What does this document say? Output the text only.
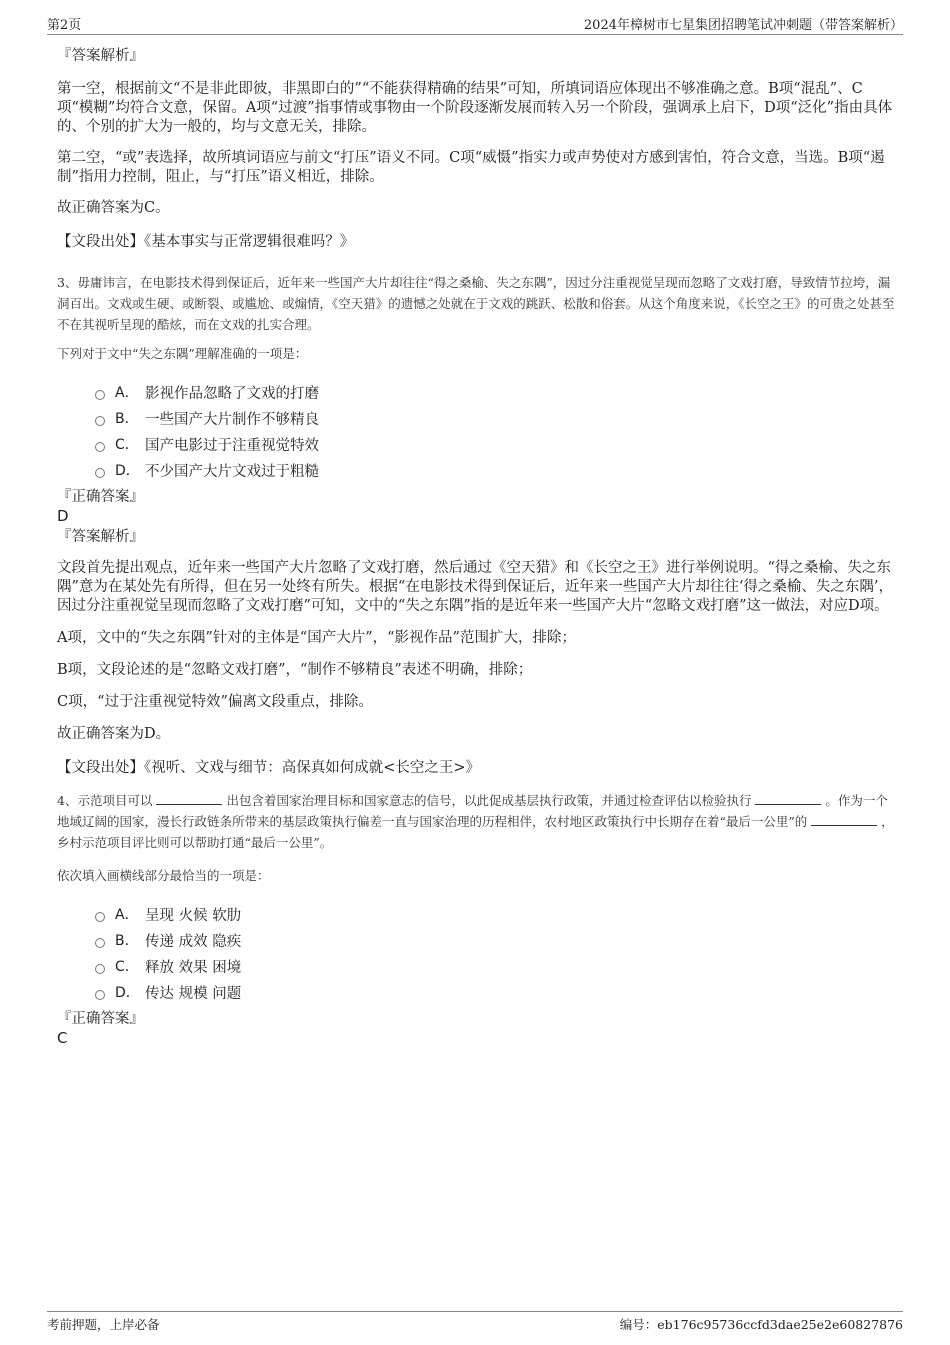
第2页	2024年樟树市七星集团招聘笔试冲刺题（带答案解析）
『答案解析』

第一空，根据前文“不是非此即彼，非黑即白的”“不能获得精确的结果”可知，所填词语应体现出不够准确之意。B项“混乱”、C项“模糊”均符合文意，保留。A项“过渡”指事情或事物由一个阶段逐渐发展而转入另一个阶段，强调承上启下，D项“泛化”指由具体的、个别的扩大为一般的，均与文意无关，排除。

第二空，“或”表选择，故所填词语应与前文“打压”语义不同。C项“威慑”指实力或声势使对方感到害怕，符合文意，当选。B项“遏制”指用力控制，阻止，与“打压”语义相近，排除。

故正确答案为C。

【文段出处】《基本事实与正常逻辑很难吗？》

3、毋庸讳言，在电影技术得到保证后，近年来一些国产大片却往往“得之桑榆、失之东隅”，因过分注重视觉呈现而忽略了文戏打磨，导致情节拉垮，漏洞百出。文戏或生硬、或断裂、或尴尬、或煽情，《空天猎》的遗憾之处就在于文戏的跳跃、松散和俗套。从这个角度来说，《长空之王》的可贵之处甚至不在其视听呈现的酷炫，而在文戏的扎实合理。

下列对于文中“失之东隅”理解准确的一项是：

A． 影视作品忽略了文戏的打磨
B． 一些国产大片制作不够精良
C． 国产电影过于注重视觉特效
D． 不少国产大片文戏过于粗糙
『正确答案』
D
『答案解析』

文段首先提出观点，近年来一些国产大片忽略了文戏打磨，然后通过《空天猎》和《长空之王》进行举例说明。“得之桑榆、失之东隅”意为在某处先有所得，但在另一处终有所失。根据“在电影技术得到保证后，近年来一些国产大片却往往‘得之桑榆、失之东隅’，因过分注重视觉呈现而忽略了文戏打磨”可知，文中的“失之东隅”指的是近年来一些国产大片“忽略文戏打磨”这一做法，对应D项。

A项，文中的“失之东隅”针对的主体是“国产大片”，“影视作品”范围扩大，排除；

B项，文段论述的是“忽略文戏打磨”，“制作不够精良”表述不明确，排除；

C项，“过于注重视觉特效”偏离文段重点，排除。

故正确答案为D。

【文段出处】《视听、文戏与细节：高保真如何成就<长空之王>》

4、示范项目可以	出包含着国家治理目标和国家意志的信号，以此促成基层执行政策，并通过检查评估以检验执行	。作为一个地域辽阔的国家，漫长行政链条所带来的基层政策执行偏差一直与国家治理的历程相伴，农村地区政策执行中长期存在着“最后一公里”的	，乡村示范项目评比则可以帮助打通“最后一公里”。

依次填入画横线部分最恰当的一项是：

A． 呈现 火候 软肋
B． 传递 成效 隐疾
C． 释放 效果 困境
D． 传达 规模 问题
『正确答案』
C
考前押题，上岸必备	编号：eb176c95736ccfd3dae25e2e60827876
